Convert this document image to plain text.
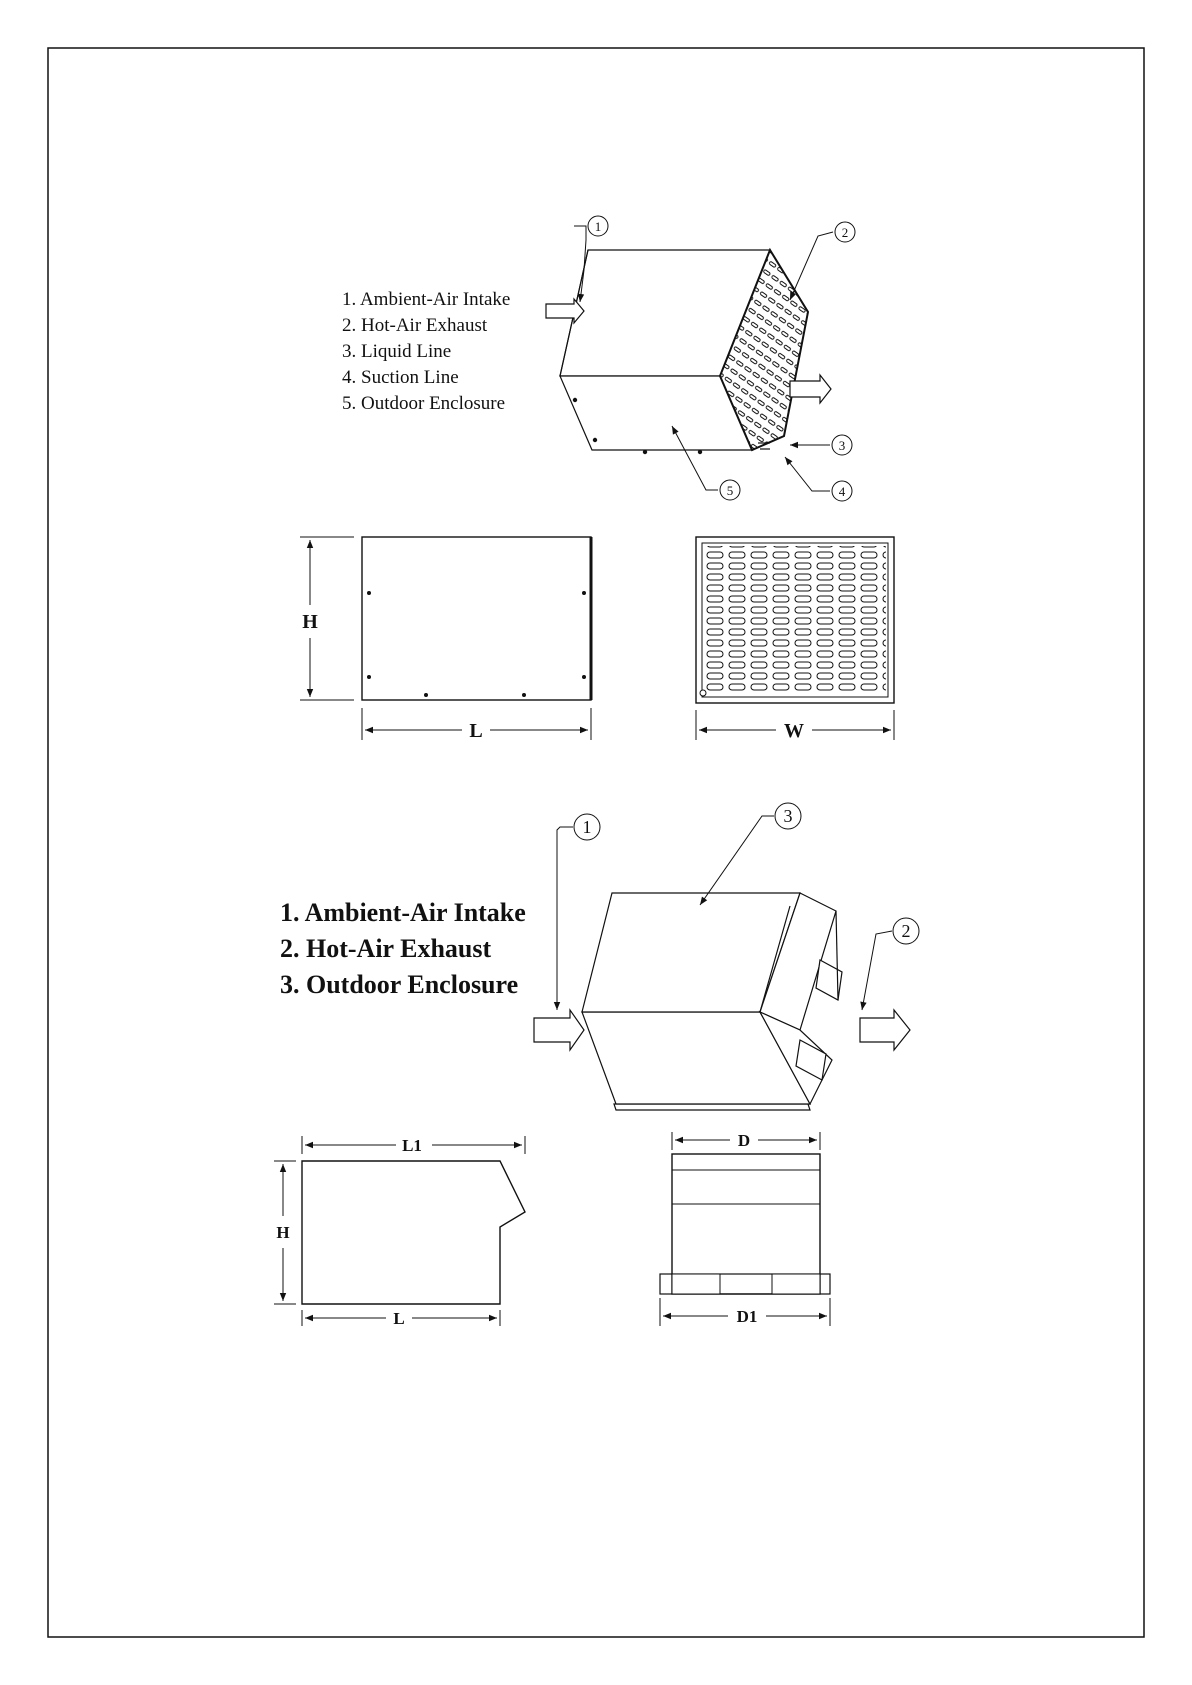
1. Ambient-Air Intake
2. Hot-Air Exhaust
3. Liquid Line
4. Suction Line
5. Outdoor Enclosure
1	2
3
4
5
H
L	W
1. Ambient-Air Intake
2. Hot-Air Exhaust
3. Outdoor Enclosure
1
2
3
L1
H
L
D
D1
